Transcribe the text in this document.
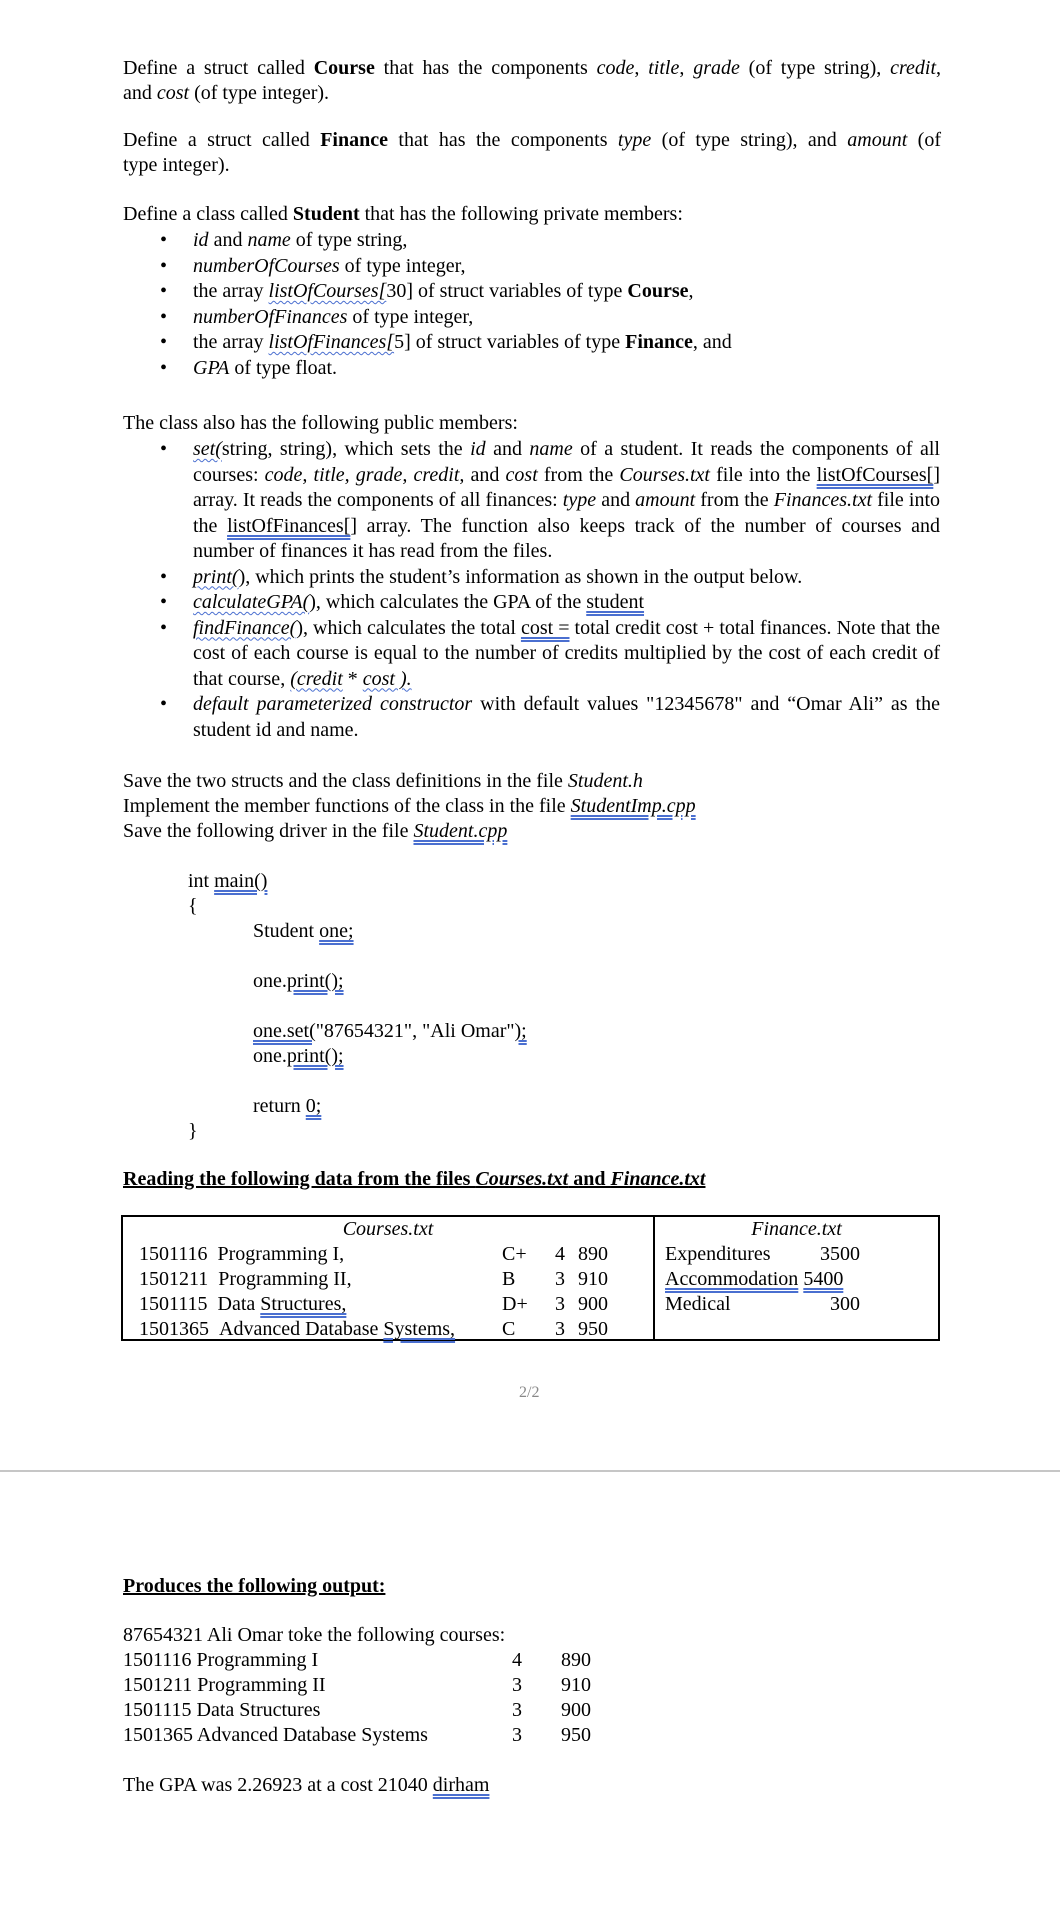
Define a struct called Course that has the components code, title, grade (of type string), credit,
and cost (of type integer).
Define a struct called Finance that has the components type (of type string), and amount (of
type integer).
Define a class called Student that has the following private members:
• id and name of type string,
• numberOfCourses of type integer,
• the array listOfCourses[30] of struct variables of type Course,
• numberOfFinances of type integer,
• the array listOfFinances[5] of struct variables of type Finance, and
• GPA of type float.
The class also has the following public members:
• set(string, string), which sets the id and name of a student. It reads the components of all courses: code, title, grade, credit, and cost from the Courses.txt file into the listOfCourses[] array. It reads the components of all finances: type and amount from the Finances.txt file into the listOfFinances[] array. The function also keeps track of the number of courses and number of finances it has read from the files.
• print(), which prints the student’s information as shown in the output below.
• calculateGPA(), which calculates the GPA of the student
• findFinance(), which calculates the total cost = total credit cost + total finances. Note that the cost of each course is equal to the number of credits multiplied by the cost of each credit of that course, (credit * cost ).
• default parameterized constructor with default values "12345678" and “Omar Ali” as the student id and name.
Save the two structs and the class definitions in the file Student.h
Implement the member functions of the class in the file StudentImp.cpp
Save the following driver in the file Student.cpp
int main()
{
Student one;
one.print();
one.set("87654321", "Ali Omar");
one.print();
return 0;
}
Reading the following data from the files Courses.txt and Finance.txt
Courses.txt
1501116 Programming I,	C+ 4 890
1501211 Programming II,	B 3 910
1501115 Data Structures,	D+ 3 900
1501365 Advanced Database Systems, C 3 950

Finance.txt
Expenditures 3500
Accommodation 5400
Medical	300
2/2
Produces the following output:
87654321 Ali Omar toke the following courses:
1501116 Programming I	4 890
1501211 Programming II	3 910
1501115 Data Structures	3 900
1501365 Advanced Database Systems	3 950
The GPA was 2.26923 at a cost 21040 dirham
